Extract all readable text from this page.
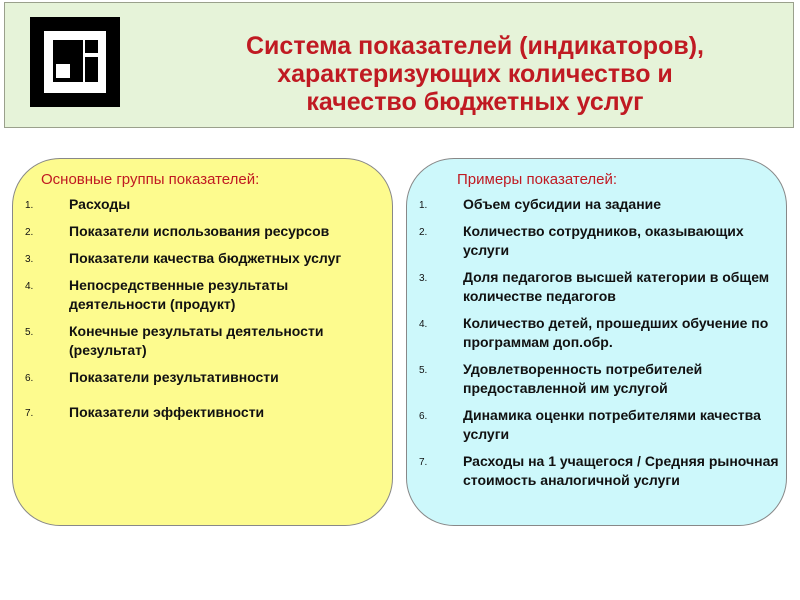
Система показателей (индикаторов),
характеризующих количество и
качество бюджетных услуг
Основные группы показателей:
1.	Расходы
2.	Показатели использования ресурсов
3.	Показатели качества бюджетных услуг
4.	Непосредственные результаты деятельности (продукт)
5.	Конечные результаты деятельности (результат)
6.	Показатели результативности
7.	Показатели эффективности
Примеры показателей:
1.	Объем субсидии на задание
2.	Количество сотрудников, оказывающих услуги
3.	Доля педагогов высшей категории в общем количестве педагогов
4.	Количество детей, прошедших обучение по программам доп.обр.
5.	Удовлетворенность потребителей предоставленной им услугой
6.	Динамика оценки потребителями качества услуги
7.	Расходы на 1 учащегося / Средняя рыночная стоимость аналогичной услуги
